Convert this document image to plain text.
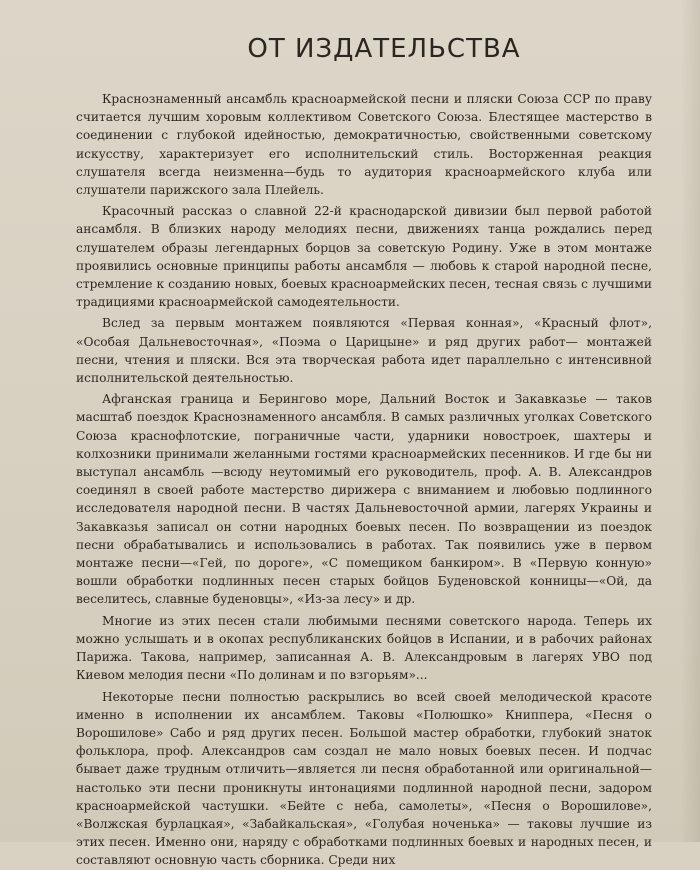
ОТ ИЗДАТЕЛЬСТВА

Краснознаменный ансамбль красноармейской песни и пляски Союза ССР по праву считается лучшим хоровым коллективом Советского Союза. Блестящее мастерство в соединении с глубокой идейностью, демократичностью, свойственными советскому искусству, характеризует его исполнительский стиль. Восторженная реакция слушателя всегда неизменна—будь то аудитория красноармейского клуба или слушатели парижского зала Плейель.

Красочный рассказ о славной 22-й краснодарской дивизии был первой работой ансамбля. В близких народу мелодиях песни, движениях танца рождались перед слушателем образы легендарных борцов за советскую Родину. Уже в этом монтаже проявились основные принципы работы ансамбля — любовь к старой народной песне, стремление к созданию новых, боевых красноармейских песен, тесная связь с лучшими традициями красноармейской самодеятельности.

Вслед за первым монтажем появляются «Первая конная», «Красный флот», «Особая Дальневосточная», «Поэма о Царицыне» и ряд других работ— монтажей песни, чтения и пляски. Вся эта творческая работа идет параллельно с интенсивной исполнительской деятельностью.

Афганская граница и Берингово море, Дальний Восток и Закавказье — таков масштаб поездок Краснознаменного ансамбля. В самых различных уголках Советского Союза краснофлотские, пограничные части, ударники новостроек, шахтеры и колхозники принимали желанными гостями красноармейских песенников. И где бы ни выступал ансамбль —всюду неутомимый его руководитель, проф. А. В. Александров соединял в своей работе мастерство дирижера с вниманием и любовью подлинного исследователя народной песни. В частях Дальневосточной армии, лагерях Украины и Закавказья записал он сотни народных боевых песен. По возвращении из поездок песни обрабатывались и использовались в работах. Так появились уже в первом монтаже песни—«Гей, по дороге», «С помещиком банкиром». В «Первую конную» вошли обработки подлинных песен старых бойцов Буденовской конницы—«Ой, да веселитесь, славные буденовцы», «Из-за лесу» и др.

Многие из этих песен стали любимыми песнями советского народа. Теперь их можно услышать и в окопах республиканских бойцов в Испании, и в рабочих районах Парижа. Такова, например, записанная А. В. Александровым в лагерях УВО под Киевом мелодия песни «По долинам и по взгорьям»...

Некоторые песни полностью раскрылись во всей своей мелодической красоте именно в исполнении их ансамблем. Таковы «Полюшко» Книппера, «Песня о Ворошилове» Сабо и ряд других песен. Большой мастер обработки, глубокий знаток фольклора, проф. Александров сам создал не мало новых боевых песен. И подчас бывает даже трудным отличить—является ли песня обработанной или оригинальной—настолько эти песни проникнуты интонациями подлинной народной песни, задором красноармейской частушки. «Бейте с неба, самолеты», «Песня о Ворошилове», «Волжская бурлацкая», «Забайкальская», «Голубая ноченька» — таковы лучшие из этих песен. Именно они, наряду с обработками подлинных боевых и народных песен, и составляют основную часть сборника. Среди них
